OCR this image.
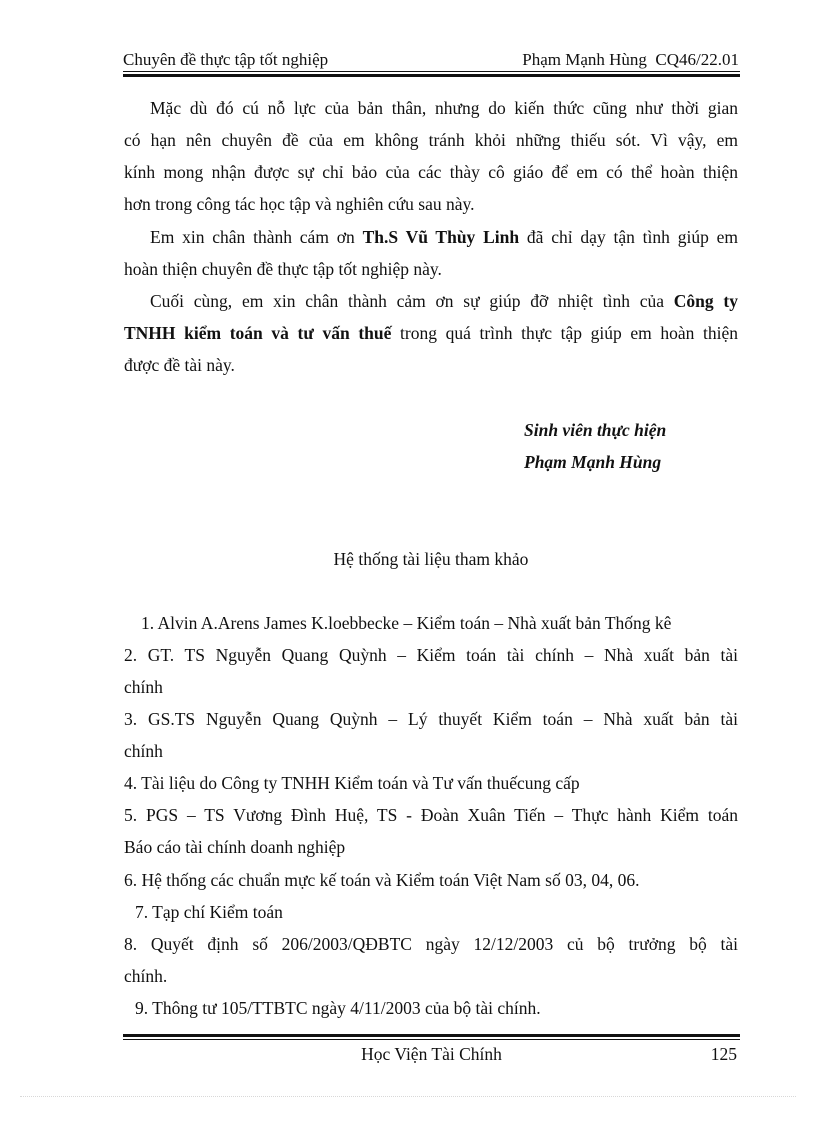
Chuyên đề thực tập tốt nghiệp	Phạm Mạnh Hùng  CQ46/22.01
Mặc dù đó cú nỗ lực của bản thân, nhưng do kiến thức cũng như thời gian
có hạn nên chuyên đề của em không tránh khỏi những thiếu sót. Vì vậy, em
kính mong nhận được sự chỉ bảo của các thày cô giáo để em có thể hoàn thiện
hơn trong công tác học tập và nghiên cứu sau này.
Em xin chân thành cám ơn Th.S Vũ Thùy Linh đã chỉ dạy tận tình giúp em
hoàn thiện chuyên đề thực tập tốt nghiệp này.
Cuối cùng, em xin chân thành cảm ơn sự giúp đỡ nhiệt tình của Công ty
TNHH kiểm toán và tư vấn thuế trong quá trình thực tập giúp em hoàn thiện
được đề tài này.
Sinh viên thực hiện
Phạm Mạnh Hùng
Hệ thống tài liệu tham khảo
1. Alvin A.Arens James K.loebbecke – Kiểm toán – Nhà xuất bản Thống kê
2. GT. TS Nguyễn Quang Quỳnh – Kiểm toán tài chính – Nhà xuất bản tài
chính
3. GS.TS Nguyễn Quang Quỳnh – Lý thuyết Kiểm toán – Nhà xuất bản tài
chính
4. Tài liệu do Công ty TNHH Kiểm toán và Tư vấn thuếcung cấp
5. PGS – TS Vương Đình Huệ, TS - Đoàn Xuân Tiến – Thực hành Kiểm toán
Báo cáo tài chính doanh nghiệp
6. Hệ thống các chuẩn mực kế toán và Kiểm toán Việt Nam số 03, 04, 06.
7. Tạp chí Kiểm toán
8. Quyết định số 206/2003/QĐBTC ngày 12/12/2003 củ bộ trưởng bộ tài
chính.
9. Thông tư 105/TTBTC ngày 4/11/2003 của bộ tài chính.
Học Viện Tài Chính	125
